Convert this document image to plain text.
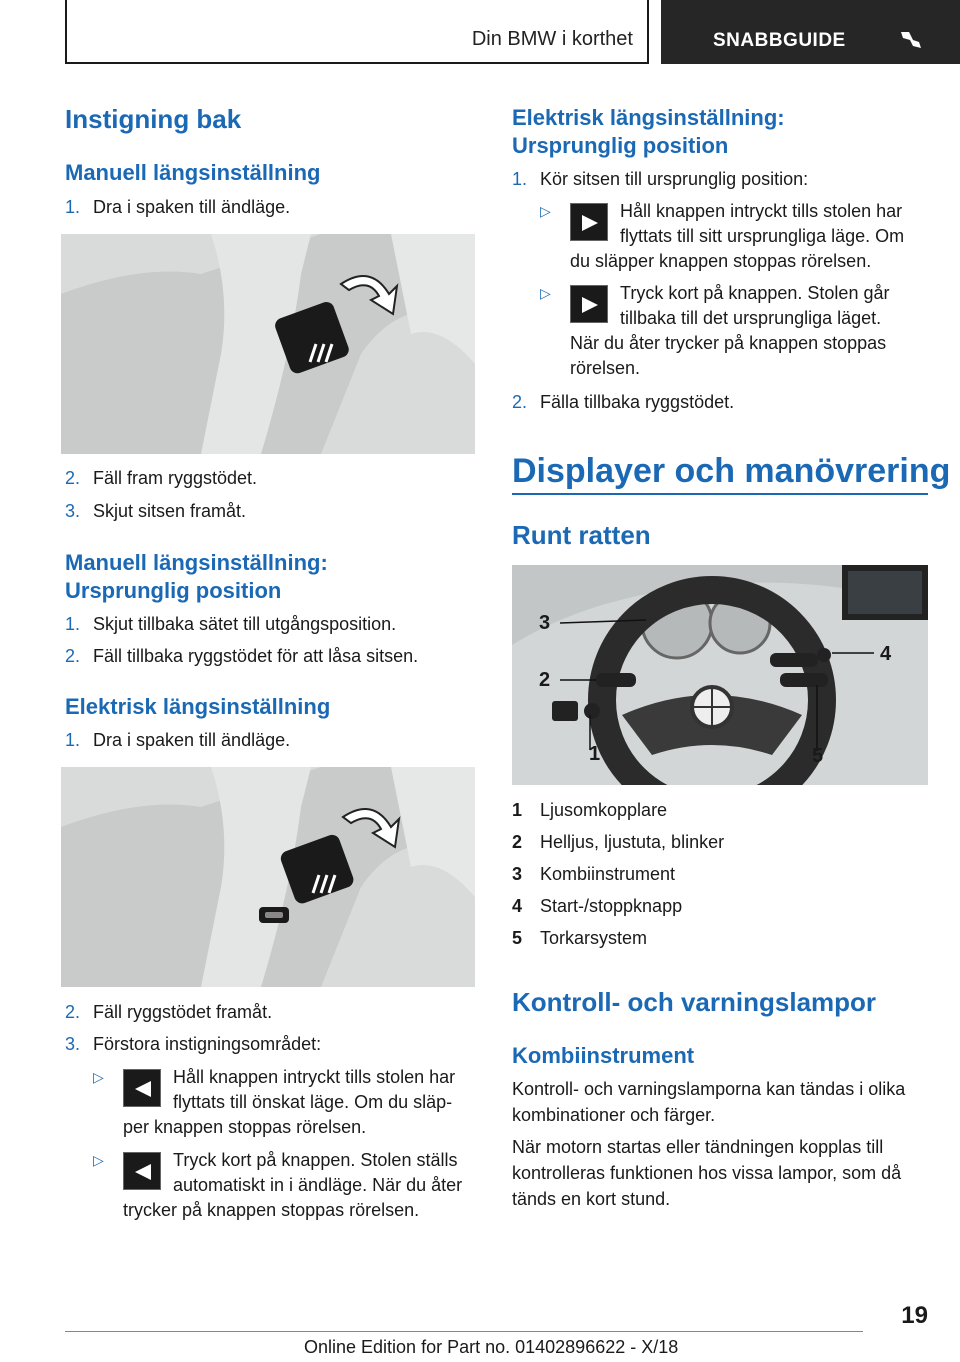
Din BMW i korthet	SNABBGUIDE
Instigning bak
Manuell längsinställning
1. Dra i spaken till ändläge.
2. Fäll fram ryggstödet.
3. Skjut sitsen framåt.
Manuell längsinställning:
Ursprunglig position
1. Skjut tillbaka sätet till utgångsposition.
2. Fäll tillbaka ryggstödet för att låsa sitsen.
Elektrisk längsinställning
1. Dra i spaken till ändläge.
2. Fäll ryggstödet framåt.
3. Förstora instigningsområdet:
▷	Håll knappen intryckt tills stolen har
flyttats till önskat läge. Om du släp-
per knappen stoppas rörelsen.
▷	Tryck kort på knappen. Stolen ställs
automatiskt in i ändläge. När du åter
trycker på knappen stoppas rörelsen.
Elektrisk längsinställning:
Ursprunglig position
1. Kör sitsen till ursprunglig position:
▷	Håll knappen intryckt tills stolen har
flyttats till sitt ursprungliga läge. Om
du släpper knappen stoppas rörelsen.
▷	Tryck kort på knappen. Stolen går
tillbaka till det ursprungliga läget.
När du åter trycker på knappen stoppas
rörelsen.
2. Fälla tillbaka ryggstödet.
Displayer och manövrering
Runt ratten
1
2
3
4
5
1 Ljusomkopplare
2 Helljus, ljustuta, blinker
3 Kombiinstrument
4 Start-/stoppknapp
5 Torkarsystem
Kontroll- och varningslampor
Kombiinstrument
Kontroll- och varningslamporna kan tändas i olika
kombinationer och färger.
När motorn startas eller tändningen kopplas till
kontrolleras funktionen hos vissa lampor, som då
tänds en kort stund.
19
Online Edition for Part no. 01402896622 - X/18
